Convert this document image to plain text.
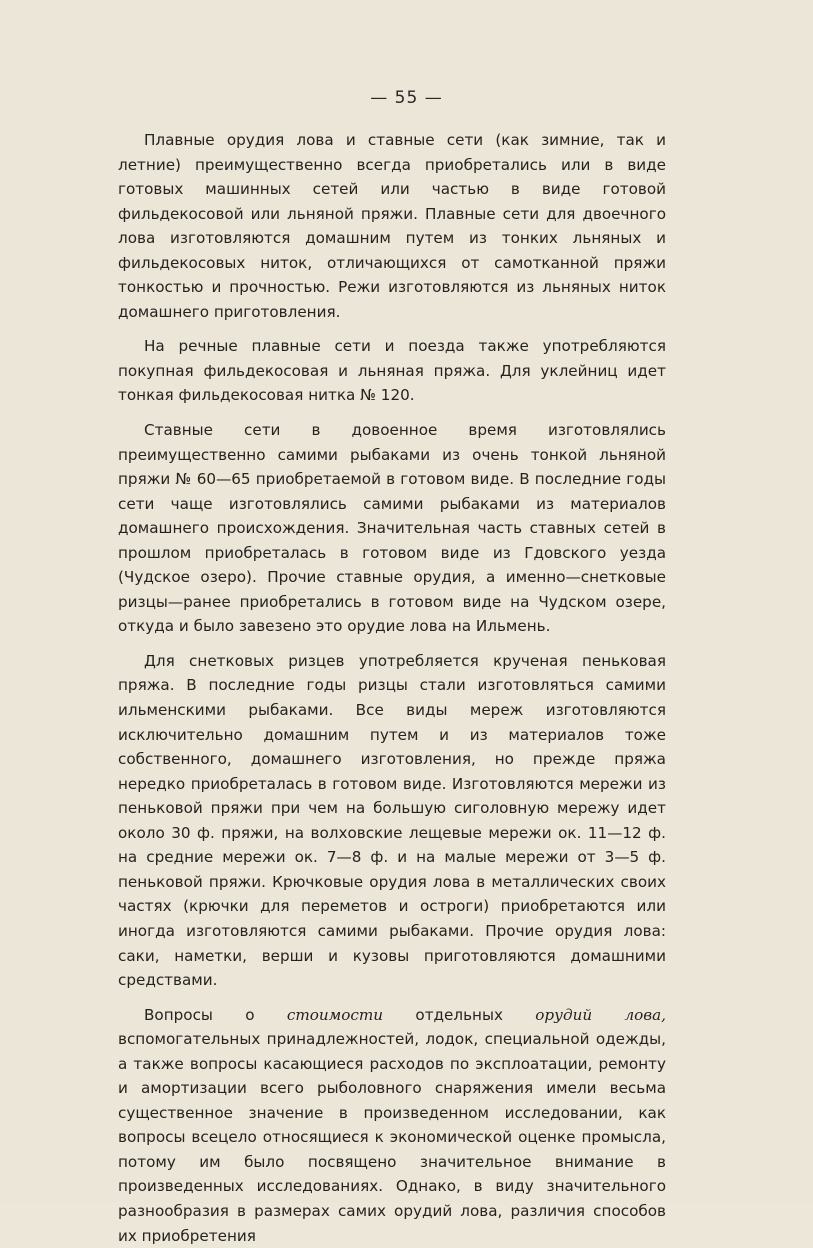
— 55 —

Плавные орудия лова и ставные сети (как зимние, так и летние) преимущественно всегда приобретались или в виде готовых машинных сетей или частью в виде готовой фильдекосовой или льняной пряжи. Плавные сети для двоечного лова изготовляются домашним путем из тонких льняных и фильдекосовых ниток, отличающихся от самотканной пряжи тонкостью и прочностью. Режи изготовляются из льняных ниток домашнего приготовления.

На речные плавные сети и поезда также употребляются покупная фильдекосовая и льняная пряжа. Для уклейниц идет тонкая фильдекосовая нитка № 120.

Ставные сети в довоенное время изготовлялись преимущественно самими рыбаками из очень тонкой льняной пряжи № 60—65 приобретаемой в готовом виде. В последние годы сети чаще изготовлялись самими рыбаками из материалов домашнего происхождения. Значительная часть ставных сетей в прошлом приобреталась в готовом виде из Гдовского уезда (Чудское озеро). Прочие ставные орудия, а именно—снетковые ризцы—ранее приобретались в готовом виде на Чудском озере, откуда и было завезено это орудие лова на Ильмень.

Для снетковых ризцев употребляется крученая пеньковая пряжа. В последние годы ризцы стали изготовляться самими ильменскими рыбаками. Все виды мереж изготовляются исключительно домашним путем и из материалов тоже собственного, домашнего изготовления, но прежде пряжа нередко приобреталась в готовом виде. Изготовляются мережи из пеньковой пряжи при чем на большую сиголовную мережу идет около 30 ф. пряжи, на волховские лещевые мережи ок. 11—12 ф. на средние мережи ок. 7—8 ф. и на малые мережи от 3—5 ф. пеньковой пряжи. Крючковые орудия лова в металлических своих частях (крючки для переметов и остроги) приобретаются или иногда изготовляются самими рыбаками. Прочие орудия лова: саки, наметки, верши и кузовы приготовляются домашними средствами.

Вопросы о стоимости отдельных орудий лова, вспомогательных принадлежностей, лодок, специальной одежды, а также вопросы касающиеся расходов по эксплоатации, ремонту и амортизации всего рыболовного снаряжения имели весьма существенное значение в произведенном исследовании, как вопросы всецело относящиеся к экономической оценке промысла, потому им было посвящено значительное внимание в произведенных исследованиях. Однако, в виду значительного разнообразия в размерах самих орудий лова, различия способов их приобретения
